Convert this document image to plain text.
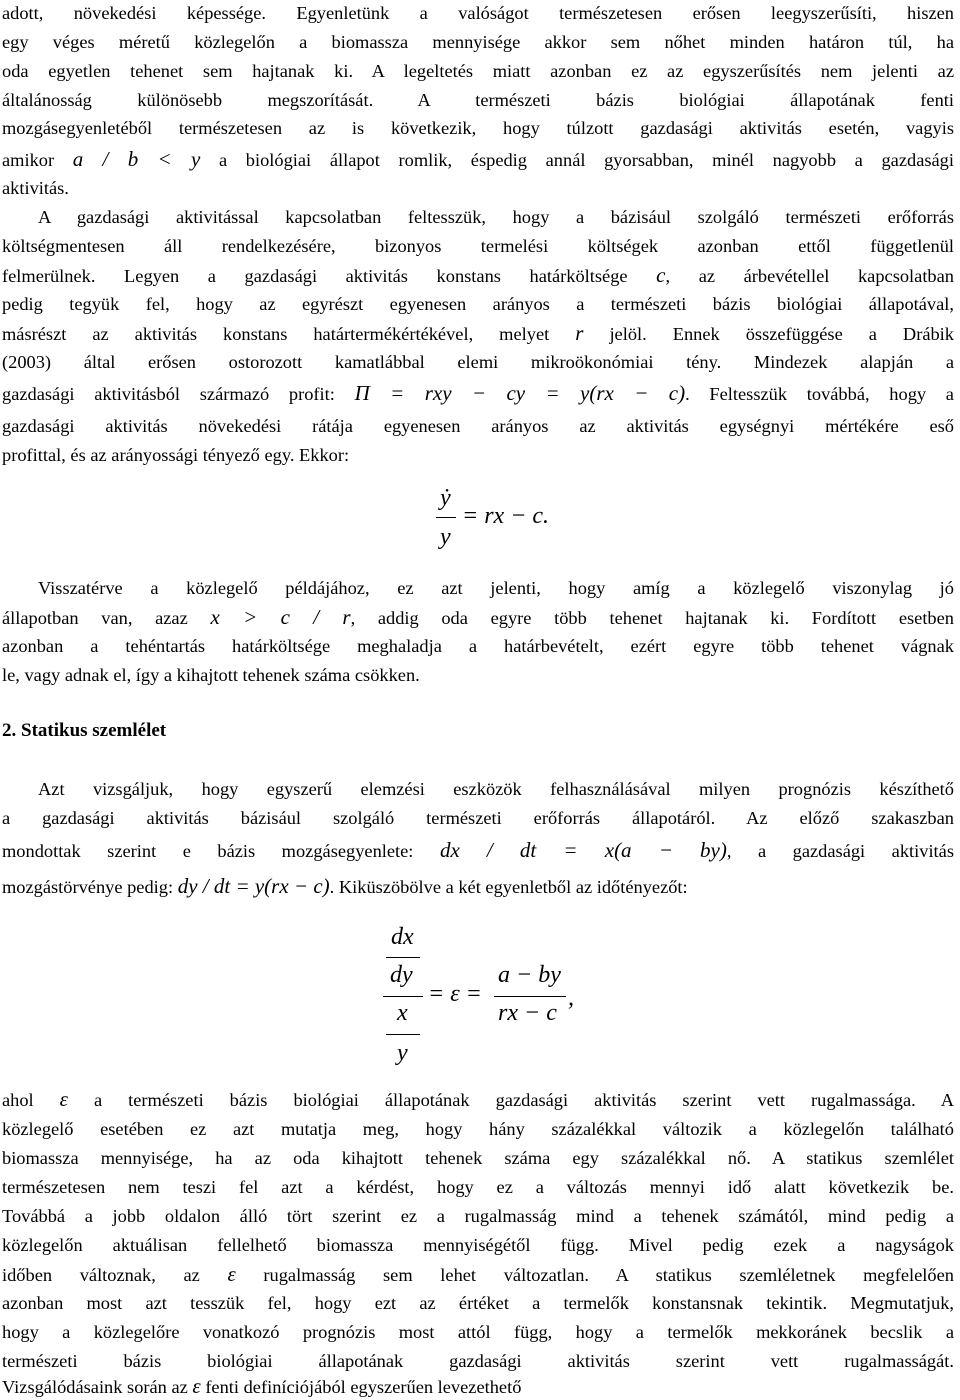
adott, növekedési képessége. Egyenletünk a valóságot természetesen erősen leegyszerűsíti, hiszen
egy véges méretű közlegelőn a biomassza mennyisége akkor sem nőhet minden határon túl, ha
oda egyetlen tehenet sem hajtanak ki. A legeltetés miatt azonban ez az egyszerűsítés nem jelenti az
általánosság különösebb megszorítását. A természeti bázis biológiai állapotának fenti
mozgásegyenletéből természetesen az is következik, hogy túlzott gazdasági aktivitás esetén, vagyis
amikor a / b < y a biológiai állapot romlik, éspedig annál gyorsabban, minél nagyobb a gazdasági
aktivitás.
A gazdasági aktivitással kapcsolatban feltesszük, hogy a bázisául szolgáló természeti erőforrás
költségmentesen áll rendelkezésére, bizonyos termelési költségek azonban ettől függetlenül
felmerülnek. Legyen a gazdasági aktivitás konstans határköltsége c, az árbevétellel kapcsolatban
pedig tegyük fel, hogy az egyrészt egyenesen arányos a természeti bázis biológiai állapotával,
másrészt az aktivitás konstans határtermékértékével, melyet r jelöl. Ennek összefüggése a Drábik
(2003) által erősen ostorozott kamatlábbal elemi mikroökonómiai tény. Mindezek alapján a
gazdasági aktivitásból származó profit: Π = rxy − cy = y(rx − c). Feltesszük továbbá, hogy a
gazdasági aktivitás növekedési rátája egyenesen arányos az aktivitás egységnyi mértékére eső
profittal, és az arányossági tényező egy. Ekkor:
ẏ
y
= rx − c.
Visszatérve a közlegelő példájához, ez azt jelenti, hogy amíg a közlegelő viszonylag jó
állapotban van, azaz x > c / r, addig oda egyre több tehenet hajtanak ki. Fordított esetben
azonban a tehéntartás határköltsége meghaladja a határbevételt, ezért egyre több tehenet vágnak
le, vagy adnak el, így a kihajtott tehenek száma csökken.
2. Statikus szemlélet
Azt vizsgáljuk, hogy egyszerű elemzési eszközök felhasználásával milyen prognózis készíthető
a gazdasági aktivitás bázisául szolgáló természeti erőforrás állapotáról. Az előző szakaszban
mondottak szerint e bázis mozgásegyenlete: dx / dt = x(a − by), a gazdasági aktivitás
mozgástörvénye pedig: dy / dt = y(rx − c). Kiküszöbölve a két egyenletből az időtényezőt:
dx
dy
x
y
= ε =
a − by
rx − c
,
ahol ε a természeti bázis biológiai állapotának gazdasági aktivitás szerint vett rugalmassága. A
közlegelő esetében ez azt mutatja meg, hogy hány százalékkal változik a közlegelőn található
biomassza mennyisége, ha az oda kihajtott tehenek száma egy százalékkal nő. A statikus szemlélet
természetesen nem teszi fel azt a kérdést, hogy ez a változás mennyi idő alatt következik be.
Továbbá a jobb oldalon álló tört szerint ez a rugalmasság mind a tehenek számától, mind pedig a
közlegelőn aktuálisan fellelhető biomassza mennyiségétől függ. Mivel pedig ezek a nagyságok
időben változnak, az ε rugalmasság sem lehet változatlan. A statikus szemléletnek megfelelően
azonban most azt tesszük fel, hogy ezt az értéket a termelők konstansnak tekintik. Megmutatjuk,
hogy a közlegelőre vonatkozó prognózis most attól függ, hogy a termelők mekkoránek becslik a
természeti bázis biológiai állapotának gazdasági aktivitás szerint vett rugalmasságát.
Vizsgálódásaink során az ε fenti definíciójából egyszerűen levezethető
